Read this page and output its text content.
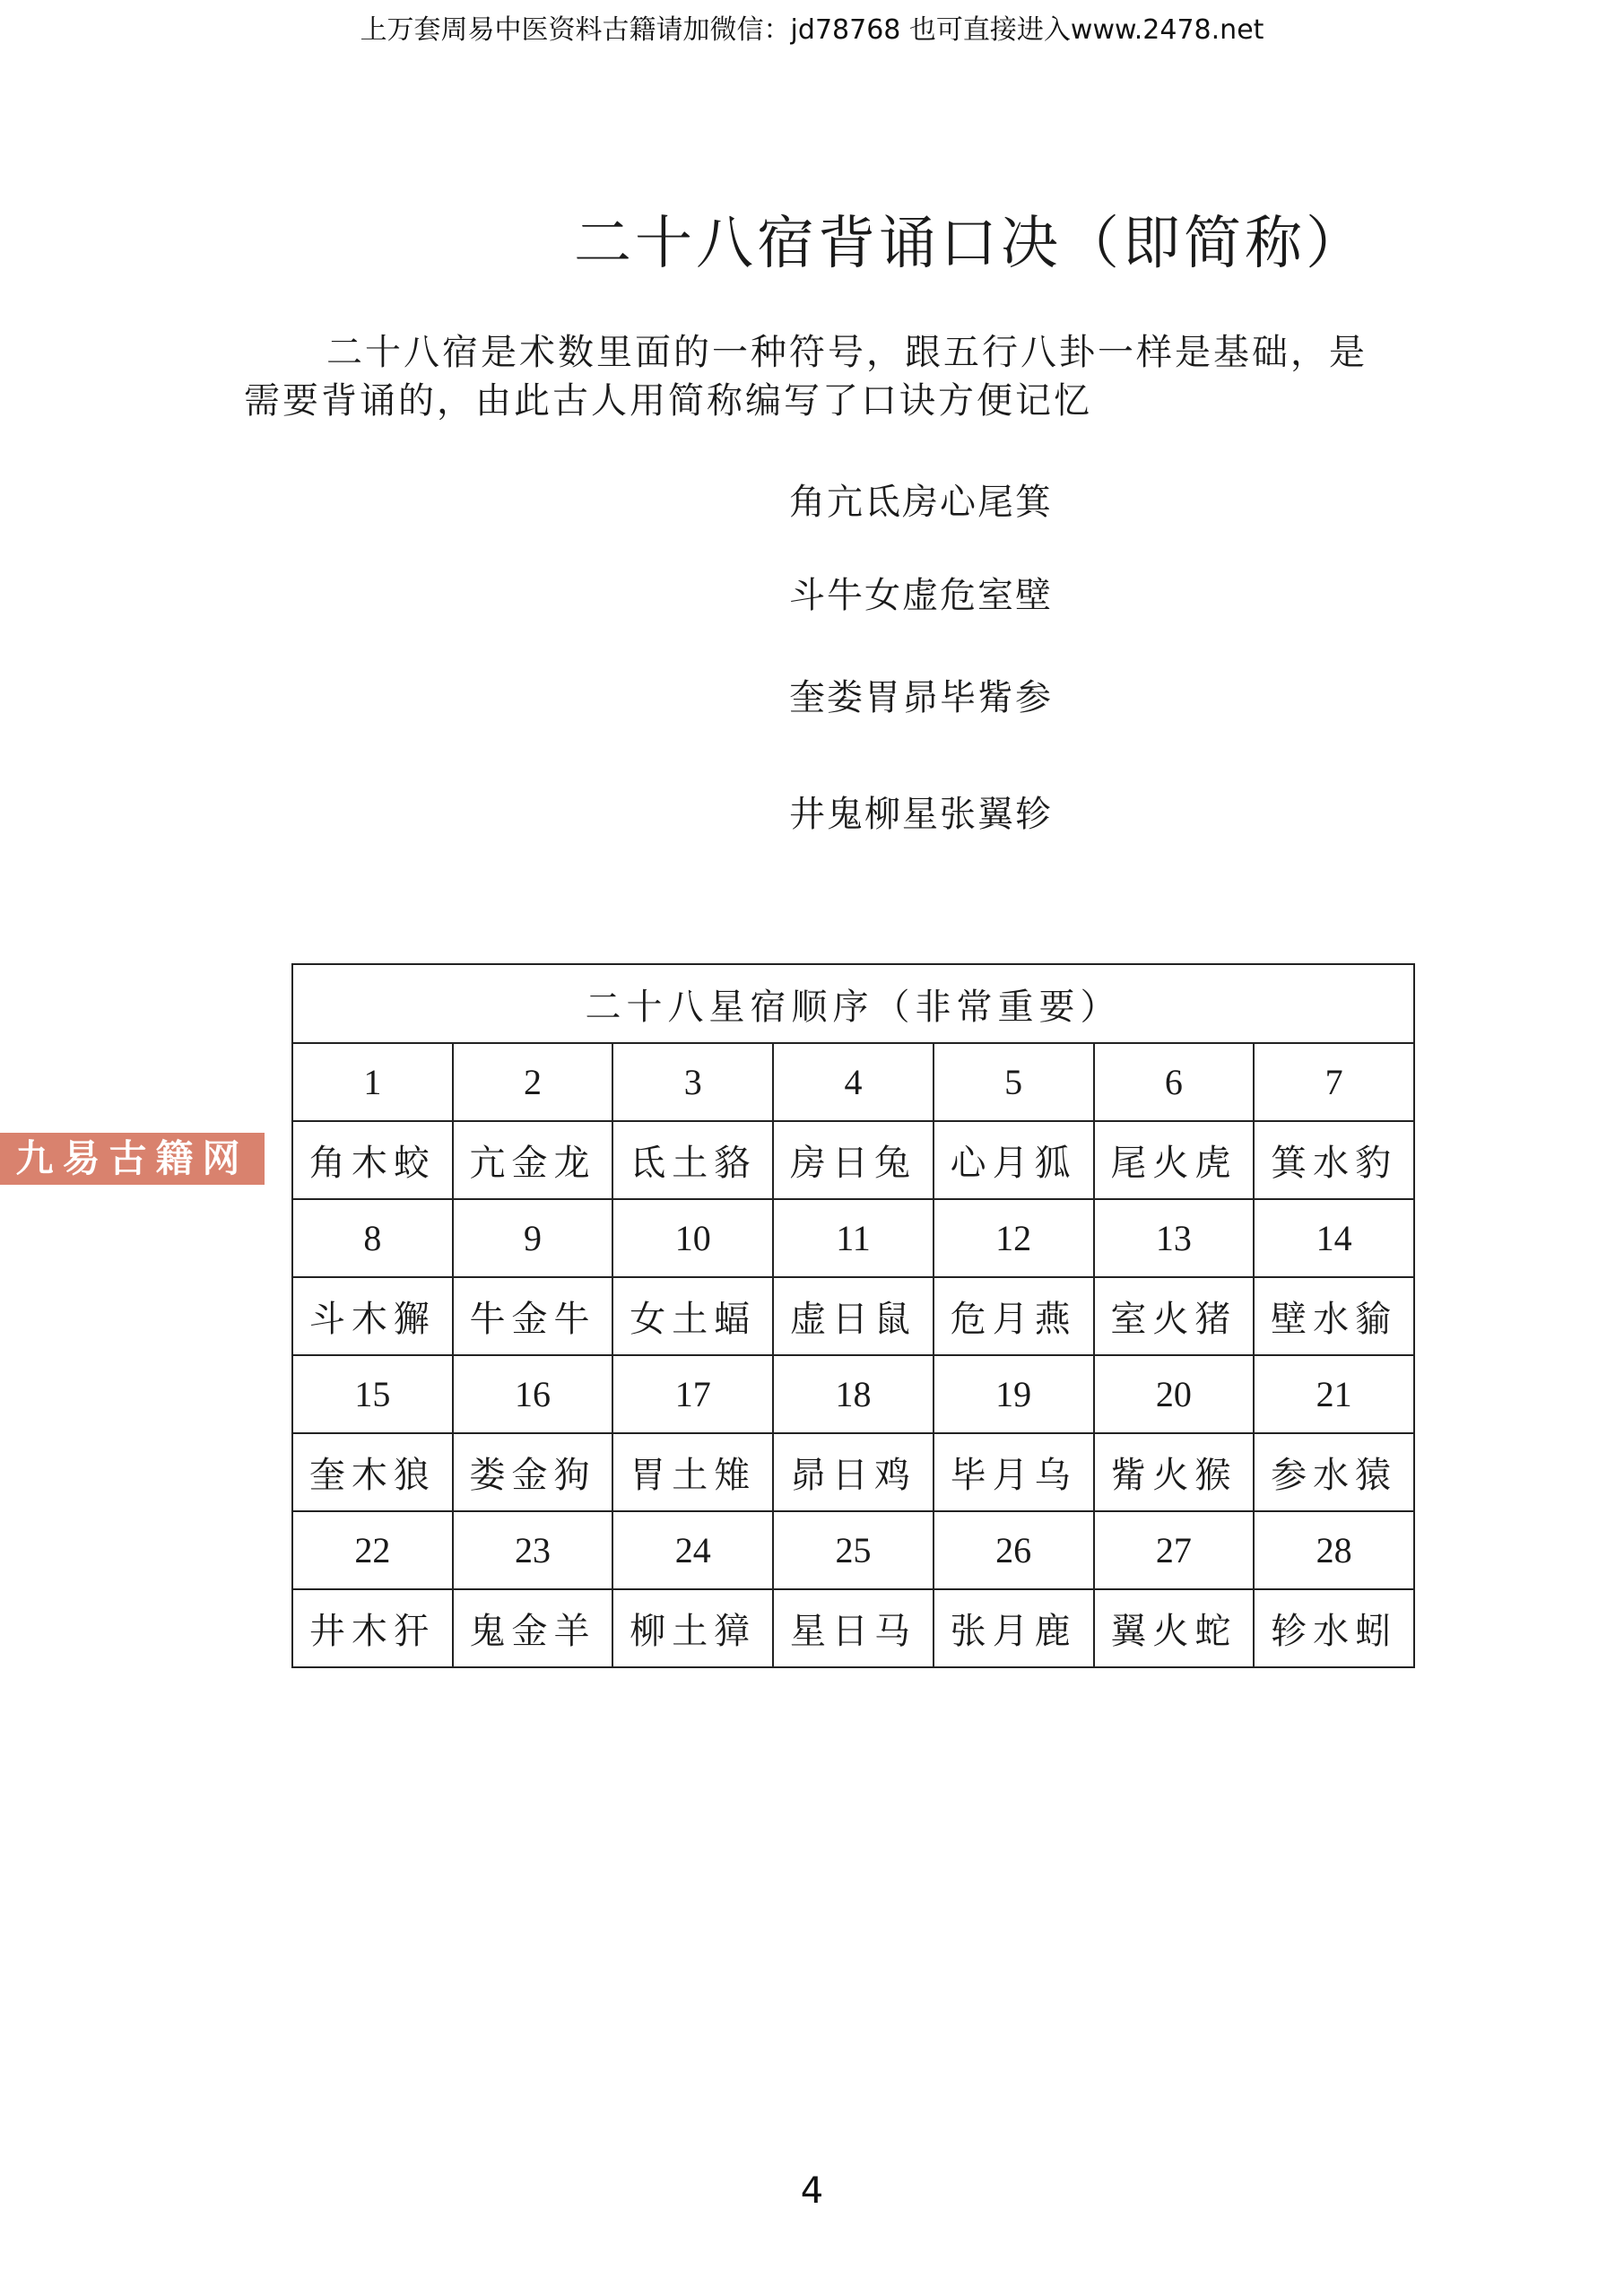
上万套周易中医资料古籍请加微信：jd78768 也可直接进入www.2478.net
二十八宿背诵口决（即简称）
二十八宿是术数里面的一种符号，跟五行八卦一样是基础，是
需要背诵的，由此古人用简称编写了口诀方便记忆
角亢氐房心尾箕
斗牛女虚危室壁
奎娄胃昴毕觜参
井鬼柳星张翼轸
二十八星宿顺序（非常重要）						
1	2	3	4	5	6	7
角木蛟	亢金龙	氐土貉	房日兔	心月狐	尾火虎	箕水豹
8	9	10	11	12	13	14
斗木獬	牛金牛	女土蝠	虚日鼠	危月燕	室火猪	壁水貐
15	16	17	18	19	20	21
奎木狼	娄金狗	胃土雉	昴日鸡	毕月乌	觜火猴	参水猿
22	23	24	25	26	27	28
井木犴	鬼金羊	柳土獐	星日马	张月鹿	翼火蛇	轸水蚓
九易古籍网
4
